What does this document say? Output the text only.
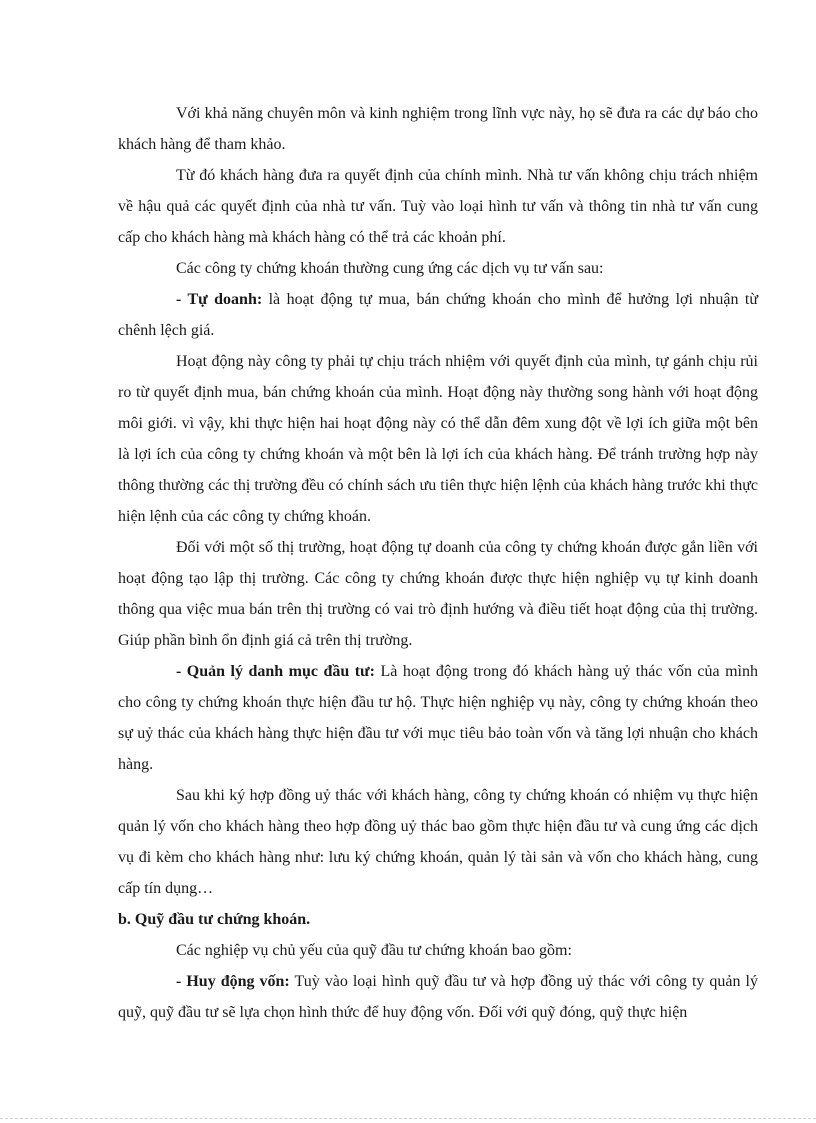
Với khả năng chuyên môn và kinh nghiệm trong lĩnh vực này, họ sẽ đưa ra các dự báo cho khách hàng để tham khảo.

Từ đó khách hàng đưa ra quyết định của chính mình. Nhà tư vấn không chịu trách nhiệm về hậu quả các quyết định của nhà tư vấn. Tuỳ vào loại hình tư vấn và thông tin nhà tư vấn cung cấp cho khách hàng mà khách hàng có thể trả các khoản phí.

Các công ty chứng khoán thường cung ứng các dịch vụ tư vấn sau:

- Tự doanh: là hoạt động tự mua, bán chứng khoán cho mình để hưởng lợi nhuận từ chênh lệch giá.

Hoạt động này công ty phải tự chịu trách nhiệm với quyết định của mình, tự gánh chịu rủi ro từ quyết định mua, bán chứng khoán của mình. Hoạt động này thường song hành với hoạt động môi giới. vì vậy, khi thực hiện hai hoạt động này có thể dẫn đêm xung đột về lợi ích giữa một bên là lợi ích của công ty chứng khoán và một bên là lợi ích của khách hàng. Để tránh trường hợp này thông thường các thị trường đều có chính sách ưu tiên thực hiện lệnh của khách hàng trước khi thực hiện lệnh của các công ty chứng khoán.

Đối với một số thị trường, hoạt động tự doanh của công ty chứng khoán được gắn liền với hoạt động tạo lập thị trường. Các công ty chứng khoán được thực hiện nghiệp vụ tự kinh doanh thông qua việc mua bán trên thị trường có vai trò định hướng và điều tiết hoạt động của thị trường. Giúp phần bình ổn định giá cả trên thị trường.

- Quản lý danh mục đầu tư: Là hoạt động trong đó khách hàng uỷ thác vốn của mình cho công ty chứng khoán thực hiện đầu tư hộ. Thực hiện nghiệp vụ này, công ty chứng khoán theo sự uỷ thác của khách hàng thực hiện đầu tư với mục tiêu bảo toàn vốn và tăng lợi nhuận cho khách hàng.

Sau khi ký hợp đồng uỷ thác với khách hàng, công ty chứng khoán có nhiệm vụ thực hiện quản lý vốn cho khách hàng theo hợp đồng uỷ thác bao gồm thực hiện đầu tư và cung ứng các dịch vụ đi kèm cho khách hàng như: lưu ký chứng khoán, quản lý tài sản và vốn cho khách hàng, cung cấp tín dụng…

b. Quỹ đầu tư chứng khoán.

Các nghiệp vụ chủ yếu của quỹ đầu tư chứng khoán bao gồm:

- Huy động vốn: Tuỳ vào loại hình quỹ đầu tư và hợp đồng uỷ thác với công ty quản lý quỹ, quỹ đầu tư sẽ lựa chọn hình thức để huy động vốn. Đối với quỹ đóng, quỹ thực hiện
